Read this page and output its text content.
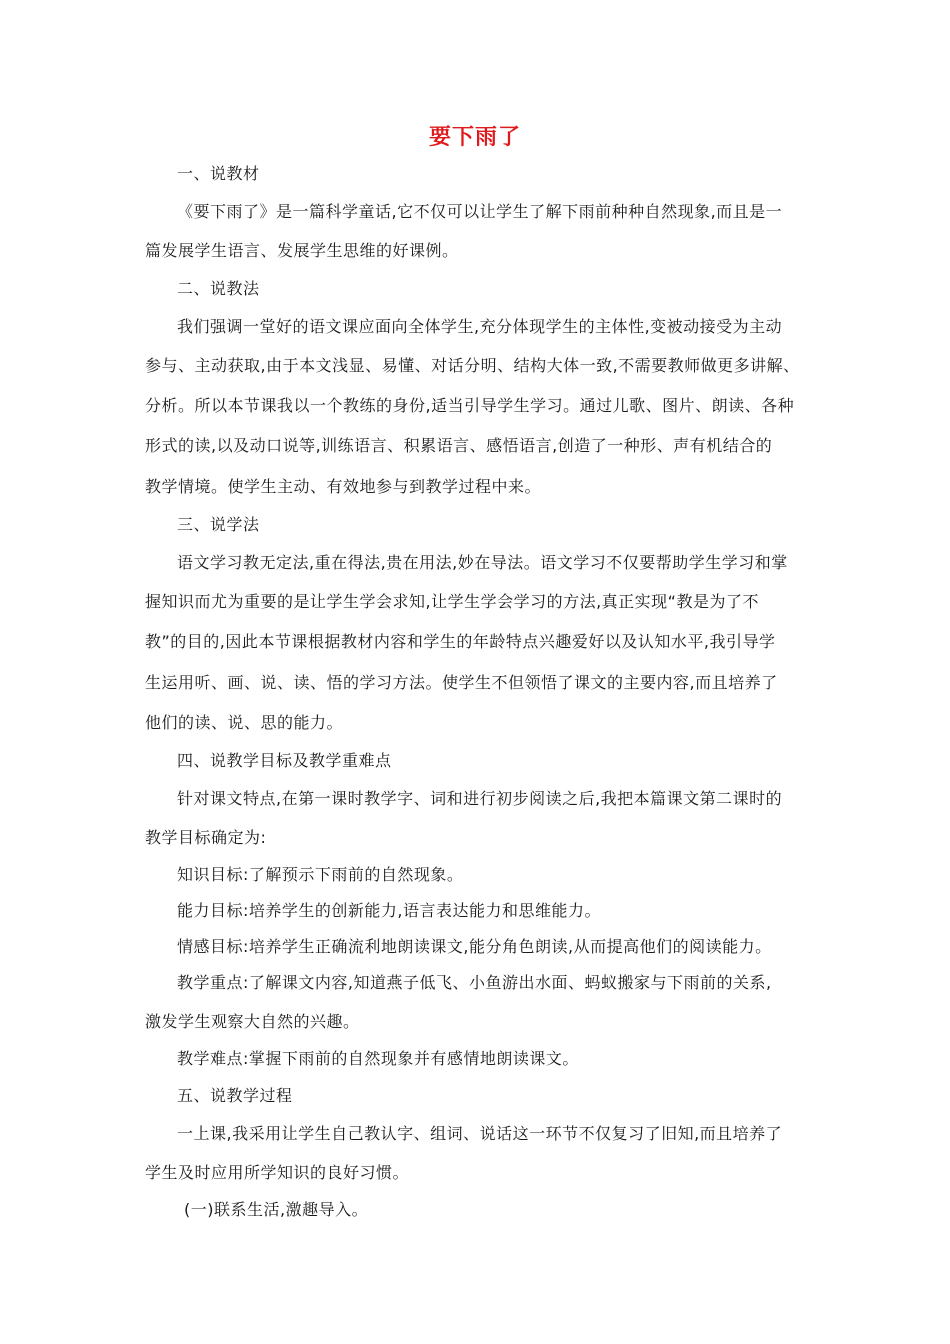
要下雨了
一、说教材
《要下雨了》是一篇科学童话,它不仅可以让学生了解下雨前种种自然现象,而且是一
篇发展学生语言、发展学生思维的好课例。
二、说教法
我们强调一堂好的语文课应面向全体学生,充分体现学生的主体性,变被动接受为主动
参与、主动获取,由于本文浅显、易懂、对话分明、结构大体一致,不需要教师做更多讲解、
分析。所以本节课我以一个教练的身份,适当引导学生学习。通过儿歌、图片、朗读、各种
形式的读,以及动口说等,训练语言、积累语言、感悟语言,创造了一种形、声有机结合的
教学情境。使学生主动、有效地参与到教学过程中来。
三、说学法
语文学习教无定法,重在得法,贵在用法,妙在导法。语文学习不仅要帮助学生学习和掌
握知识而尤为重要的是让学生学会求知,让学生学会学习的方法,真正实现“教是为了不
教”的目的,因此本节课根据教材内容和学生的年龄特点兴趣爱好以及认知水平,我引导学
生运用听、画、说、读、悟的学习方法。使学生不但领悟了课文的主要内容,而且培养了
他们的读、说、思的能力。
四、说教学目标及教学重难点
针对课文特点,在第一课时教学字、词和进行初步阅读之后,我把本篇课文第二课时的
教学目标确定为:
知识目标:了解预示下雨前的自然现象。
能力目标:培养学生的创新能力,语言表达能力和思维能力。
情感目标:培养学生正确流利地朗读课文,能分角色朗读,从而提高他们的阅读能力。
教学重点:了解课文内容,知道燕子低飞、小鱼游出水面、蚂蚁搬家与下雨前的关系,
激发学生观察大自然的兴趣。
教学难点:掌握下雨前的自然现象并有感情地朗读课文。
五、说教学过程
一上课,我采用让学生自己教认字、组词、说话这一环节不仅复习了旧知,而且培养了
学生及时应用所学知识的良好习惯。
(一)联系生活,激趣导入。
